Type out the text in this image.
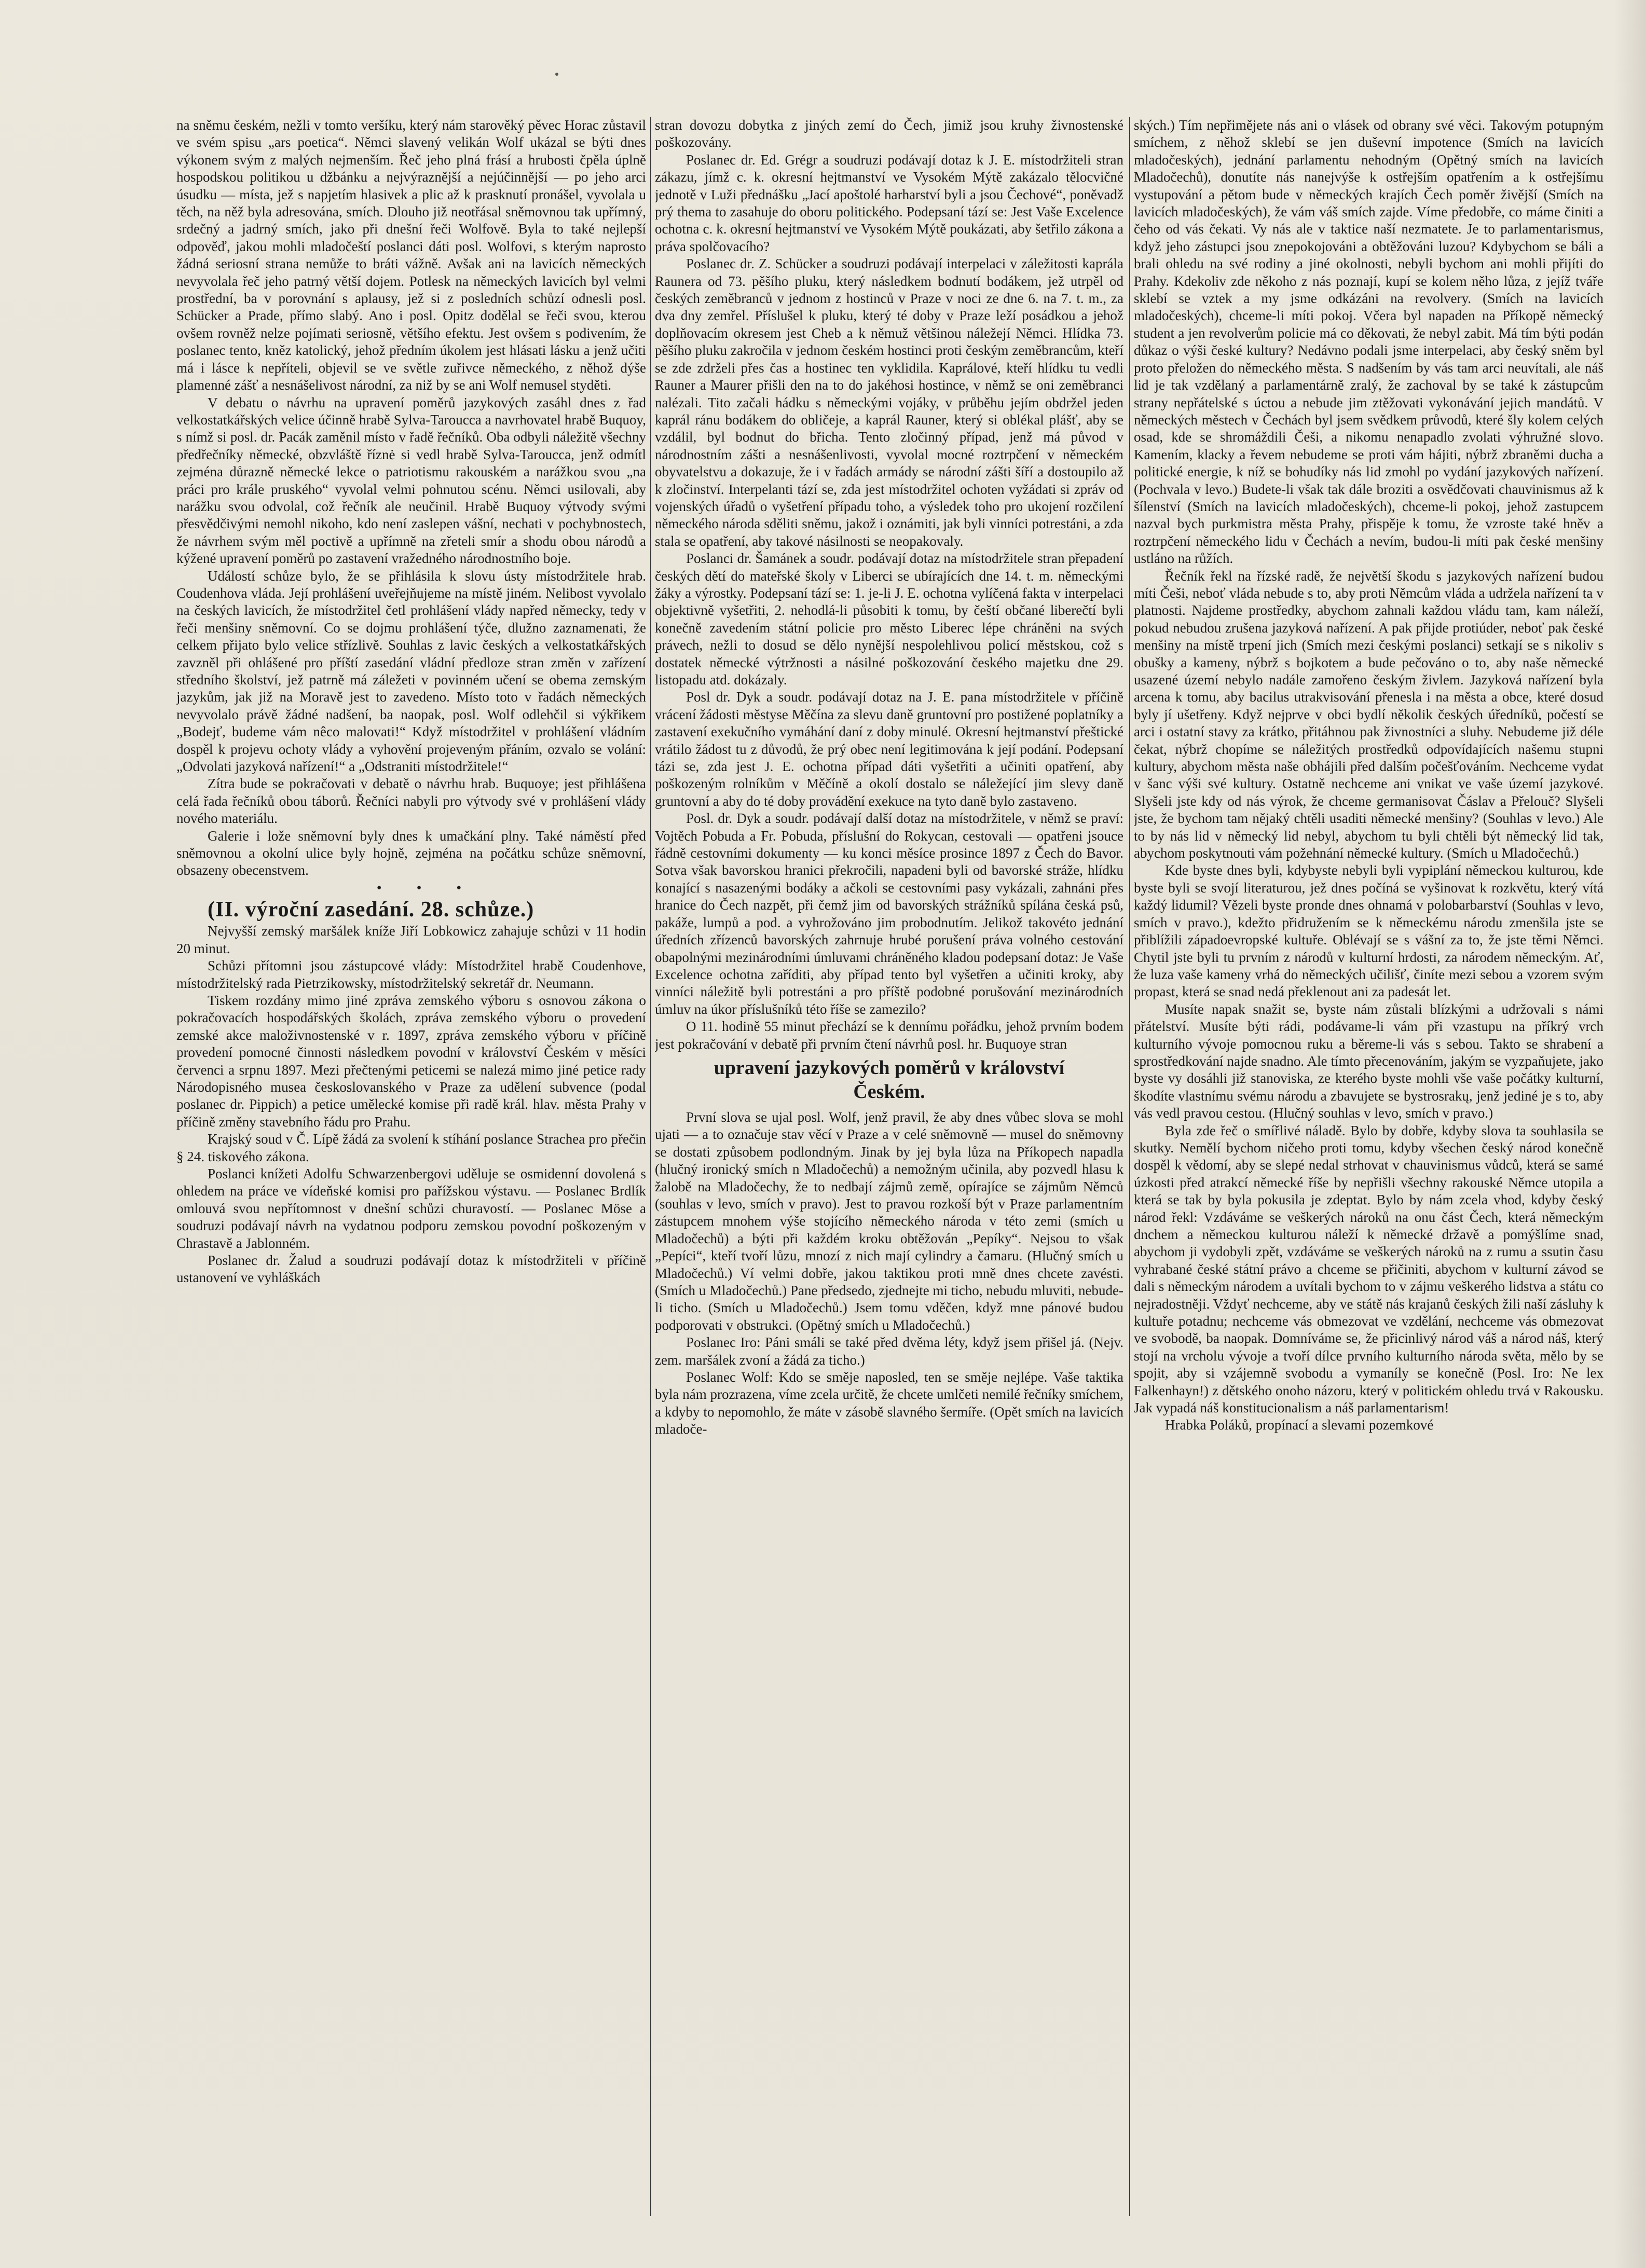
na sněmu českém, nežli v tomto veršíku, který nám starověký pěvec Horac zůstavil ve svém spisu „ars poetica“. Němci slavený velikán Wolf ukázal se býti dnes výkonem svým z malých nejmenším. Řeč jeho plná frásí a hrubosti čpěla úplně hospodskou politikou u džbánku a nejvýraznější a nejúčinnější — po jeho arci úsudku — místa, jež s napjetím hlasivek a plic až k prasknutí pronášel, vyvolala u těch, na něž byla adresována, smích. Dlouho již neotřásal sněmovnou tak upřímný, srdečný a jadrný smích, jako při dnešní řeči Wolfově. Byla to také nejlepší odpověď, jakou mohli mladočeští poslanci dáti posl. Wolfovi, s kterým naprosto žádná seriosní strana nemůže to bráti vážně. Avšak ani na lavicích německých nevyvolala řeč jeho patrný větší dojem. Potlesk na německých lavicích byl velmi prostřední, ba v porovnání s aplausy, jež si z posledních schůzí odnesli posl. Schücker a Prade, přímo slabý. Ano i posl. Opitz dodělal se řeči svou, kterou ovšem rovněž nelze pojímati seriosně, většího efektu. Jest ovšem s podivením, že poslanec tento, kněz katolický, jehož předním úkolem jest hlásati lásku a jenž učiti má i lásce k nepříteli, objevil se ve světle zuřivce německého, z něhož dýše plamenné zášť a nesnášelivost národní, za niž by se ani Wolf nemusel styděti.

V debatu o návrhu na upravení poměrů jazykových zasáhl dnes z řad velkostatkářských velice účinně hrabě Sylva-Taroucca a navrhovatel hrabě Buquoy, s nímž si posl. dr. Pacák zaměnil místo v řadě řečníků. Oba odbyli náležitě všechny předřečníky německé, obzvláště říznė si vedl hrabě Sylva-Taroucca, jenž odmítl zejména důrazně německé lekce o patriotismu rakouském a narážkou svou „na práci pro krále pruského“ vyvolal velmi pohnutou scénu. Němci usilovali, aby narážku svou odvolal, což řečník ale neučinil. Hrabě Buquoy výtvody svými přesvědčivými nemohl nikoho, kdo není zaslepen vášní, nechati v pochybnostech, že návrhem svým měl poctivě a upřímně na zřeteli smír a shodu obou národů a kýžené upravení poměrů po zastavení vražedného národnostního boje.

Událostí schůze bylo, že se přihlásila k slovu ústy místodržitele hrab. Coudenhova vláda. Její prohlášení uveřejňujeme na místě jiném. Nelibost vyvolalo na českých lavicích, že místodržitel četl prohlášení vlády napřed německy, tedy v řeči menšiny sněmovní. Co se dojmu prohlášení týče, dlužno zaznamenati, že celkem přijato bylo velice střízlivě. Souhlas z lavic českých a velkostatkářských zavzněl při ohlášené pro příští zasedání vládní předloze stran změn v zařízení středního školství, jež patrně má záležeti v povinném učení se obema zemským jazykům, jak již na Moravě jest to zavedeno. Místo toto v řadách německých nevyvolalo právě žádné nadšení, ba naopak, posl. Wolf odlehčil si výkřikem „Bodejť, budeme vám nêco malovati!“ Když místodržitel v prohlášení vládním dospěl k projevu ochoty vlády a vyhovění projeveným přáním, ozvalo se volání: „Odvolati jazyková nařízení!“ a „Odstraniti místodržitele!“

Zítra bude se pokračovati v debatě o návrhu hrab. Buquoye; jest přihlášena celá řada řečníků obou táborů. Řečníci nabyli pro výtvody své v prohlášení vlády nového materiálu.

Galerie i lože sněmovní byly dnes k umačkání plny. Také náměstí před sněmovnou a okolní ulice byly hojně, zejména na počátku schůze sněmovní, obsazeny obecenstvem.

• • •

(II. výroční zasedání. 28. schůze.)

Nejvyšší zemský maršálek kníže Jiří Lobkowicz zahajuje schůzi v 11 hodin 20 minut.

Schůzi přítomni jsou zástupcové vlády: Místodržitel hrabě Coudenhove, místodržitelský rada Pietrzikowsky, místodržitelský sekretář dr. Neumann.

Tiskem rozdány mimo jiné zpráva zemského výboru s osnovou zákona o pokračovacích hospodářských školách, zpráva zemského výboru o provedení zemské akce maloživnostenské v r. 1897, zpráva zemského výboru v příčině provedení pomocné činnosti následkem povodní v království Českém v měsíci červenci a srpnu 1897. Mezi přečtenými peticemi se nalezá mimo jiné petice rady Národopisného musea českoslovanského v Praze za udělení subvence (podal poslanec dr. Pippich) a petice umělecké komise při radě král. hlav. města Prahy v příčině změny stavebního řádu pro Prahu.

Krajský soud v Č. Lípě žádá za svolení k stíhání poslance Strachea pro přečin § 24. tiskového zákona.

Poslanci knížeti Adolfu Schwarzenbergovi uděluje se osmidenní dovolená s ohledem na práce ve vídeňské komisi pro pařížskou výstavu. — Poslanec Brdlík omlouvá svou nepřítomnost v dnešní schůzi churavostí. — Poslanec Möse a soudruzi podávají návrh na vydatnou podporu zemskou povodní poškozeným v Chrastavě a Jablonném.

Poslanec dr. Žalud a soudruzi podávají dotaz k místodržiteli v příčině ustanovení ve vyhláškách

stran dovozu dobytka z jiných zemí do Čech, jimiž jsou kruhy živnostenské poškozovány.

Poslanec dr. Ed. Grégr a soudruzi podávají dotaz k J. E. místodržiteli stran zákazu, jímž c. k. okresní hejtmanství ve Vysokém Mýtě zakázalo tělocvičné jednotě v Luži přednášku „Jací apoštolé harharství byli a jsou Čechové“, poněvadž prý thema to zasahuje do oboru politického. Podepsaní tází se: Jest Vaše Excelence ochotna c. k. okresní hejtmanství ve Vysokém Mýtě poukázati, aby šetřilo zákona a práva spolčovacího?

Poslanec dr. Z. Schücker a soudruzi podávají interpelaci v záležitosti kaprála Raunera od 73. pěšího pluku, který následkem bodnutí bodákem, jež utrpěl od českých zeměbranců v jednom z hostinců v Praze v noci ze dne 6. na 7. t. m., za dva dny zemřel. Příslušel k pluku, který té doby v Praze leží posádkou a jehož doplňovacím okresem jest Cheb a k němuž většinou náležejí Němci. Hlídka 73. pěšího pluku zakročila v jednom českém hostinci proti českým zeměbrancům, kteří se zde zdrželi přes čas a hostinec ten vyklidila. Kaprálové, kteří hlídku tu vedli Rauner a Maurer přišli den na to do jakéhosi hostince, v němž se oni zeměbranci nalézali. Tito začali hádku s německými vojáky, v průběhu jejím obdržel jeden kaprál ránu bodákem do obličeje, a kaprál Rauner, který si oblékal plášť, aby se vzdálil, byl bodnut do břicha. Tento zločinný případ, jenž má původ v národnostním zášti a nesnášenlivosti, vyvolal mocné roztrpčení v německém obyvatelstvu a dokazuje, že i v řadách armády se národní zášti šíří a dostoupilo až k zločinství. Interpelanti tází se, zda jest místodržitel ochoten vyžádati si zpráv od vojenských úřadů o vyšetření případu toho, a výsledek toho pro ukojení rozčilení německého národa sděliti sněmu, jakož i oznámiti, jak byli vinníci potrestáni, a zda stala se opatření, aby takové násilnosti se neopakovaly.

Poslanci dr. Šamánek a soudr. podávají dotaz na místodržitele stran přepadení českých dětí do mateřské školy v Liberci se ubírajících dne 14. t. m. německými žáky a výrostky. Podepsaní tází se: 1. je-li J. E. ochotna vylíčená fakta v interpelaci objektivně vyšetřiti, 2. nehodlá-li působiti k tomu, by čeští občané liberečtí byli konečně zavedením státní policie pro město Liberec lépe chráněni na svých právech, nežli to dosud se dělo nynější nespolehlivou policí městskou, což s dostatek německé výtržnosti a násilné poškozování českého majetku dne 29. listopadu atd. dokázaly.

Posl dr. Dyk a soudr. podávají dotaz na J. E. pana místodržitele v příčině vrácení žádosti městyse Měčína za slevu daně gruntovní pro postižené poplatníky a zastavení exekučního vymáhání daní z doby minulé. Okresní hejtmanství přeštické vrátilo žádost tu z důvodů, že prý obec není legitimována k její podání. Podepsaní tázi se, zda jest J. E. ochotna případ dáti vyšetřiti a učiniti opatření, aby poškozeným rolníkům v Měčíně a okolí dostalo se náležející jim slevy daně gruntovní a aby do té doby provádění exekuce na tyto daně bylo zastaveno.

Posl. dr. Dyk a soudr. podávají další dotaz na místodržitele, v němž se praví: Vojtěch Pobuda a Fr. Pobuda, příslušní do Rokycan, cestovali — opatřeni jsouce řádně cestovními dokumenty — ku konci měsíce prosince 1897 z Čech do Bavor. Sotva však bavorskou hranici překročili, napadeni byli od bavorské stráže, hlídku konající s nasazenými bodáky a ačkoli se cestovními pasy vykázali, zahnáni přes hranice do Čech nazpět, při čemž jim od bavorských strážníků spílána česká psů, pakáže, lumpů a pod. a vyhrožováno jim probodnutím. Jelikož takovéto jednání úředních zřízenců bavorských zahrnuje hrubé porušení práva volného cestování obapolnými mezinárodními úmluvami chráněného kladou podepsaní dotaz: Je Vaše Excelence ochotna zaříditi, aby případ tento byl vyšetřen a učiniti kroky, aby vinníci náležitě byli potrestáni a pro příště podobné porušování mezinárodních úmluv na úkor příslušníků této říše se zamezilo?

O 11. hodině 55 minut přechází se k dennímu pořádku, jehož prvním bodem jest pokračování v debatě při prvním čtení návrhů posl. hr. Buquoye stran

upravení jazykových poměrů v království
Českém.

První slova se ujal posl. Wolf, jenž pravil, že aby dnes vůbec slova se mohl ujati — a to označuje stav věcí v Praze a v celé sněmovně — musel do sněmovny se dostati způsobem podlondným. Jinak by jej byla lůza na Příkopech napadla (hlučný ironický smích n Mladočechů) a nemožným učinila, aby pozvedl hlasu k žalobě na Mladočechy, že to nedbají zájmů země, opírajíce se zájmům Němců (souhlas v levo, smích v pravo). Jest to pravou rozkoší být v Praze parlamentním zástupcem mnohem výše stojícího německého národa v této zemi (smích u Mladočechů) a býti při každém kroku obtěžován „Pepíky“. Nejsou to však „Pepíci“, kteří tvoří lůzu, mnozí z nich mají cylindry a čamaru. (Hlučný smích u Mladočechů.) Ví velmi dobře, jakou taktikou proti mně dnes chcete zavésti. (Smích u Mladočechů.) Pane předsedo, zjednejte mi ticho, nebudu mluviti, nebude-li ticho. (Smích u Mladočechů.) Jsem tomu vděčen, když mne pánové budou podporovati v obstrukci. (Opětný smích u Mladočechů.)

Poslanec Iro: Páni smáli se také před dvěma léty, když jsem přišel já. (Nejv. zem. maršálek zvoní a žádá za ticho.)

Poslanec Wolf: Kdo se směje naposled, ten se směje nejlépe. Vaše taktika byla nám prozrazena, víme zcela určitě, že chcete umlčeti nemilé řečníky smíchem, a kdyby to nepomohlo, že máte v zásobě slavného šermíře. (Opět smích na lavicích mladoče-

ských.) Tím nepřimějete nás ani o vlásek od obrany své věci. Takovým potupným smíchem, z něhož sklebí se jen duševní impotence (Smích na lavicích mladočeských), jednání parlamentu nehodným (Opětný smích na lavicích Mladočechů), donutíte nás nanejvýše k ostřejším opatřením a k ostřejšímu vystupování a pětom bude v německých krajích Čech poměr živější (Smích na lavicích mladočeských), že vám váš smích zajde. Víme předobře, co máme činiti a čeho od vás čekati. Vy nás ale v taktice naší nezmatete. Je to parlamentarismus, když jeho zástupci jsou znepokojováni a obtěžováni luzou? Kdybychom se báli a brali ohledu na své rodiny a jiné okolnosti, nebyli bychom ani mohli přijíti do Prahy. Kdekoliv zde někoho z nás poznají, kupí se kolem něho lůza, z jejíž tváře sklebí se vztek a my jsme odkázáni na revolvery. (Smích na lavicích mladočeských), chceme-li míti pokoj. Včera byl napaden na Příkopě německý student a jen revolverům policie má co děkovati, že nebyl zabit. Má tím býti podán důkaz o výši české kultury? Nedávno podali jsme interpelaci, aby český sněm byl proto přeložen do německého města. S nadšením by vás tam arci neuvítali, ale náš lid je tak vzdělaný a parlamentárně zralý, že zachoval by se také k zástupcům strany nepřátelské s úctou a nebude jim ztěžovati vykonávání jejich mandátů. V německých městech v Čechách byl jsem svědkem průvodů, které šly kolem celých osad, kde se shromáždili Češi, a nikomu nenapadlo zvolati výhružné slovo. Kamením, klacky a řevem nebudeme se proti vám hájiti, nýbrž zbraněmi ducha a politické energie, k níž se bohudíky nás lid zmohl po vydání jazykových nařízení. (Pochvala v levo.) Budete-li však tak dále broziti a osvědčovati chauvinismus až k šílenství (Smích na lavicích mladočeských), chceme-li pokoj, jehož zastupcem nazval bych purkmistra města Prahy, přispěje k tomu, že vzroste také hněv a roztrpčení německého lidu v Čechách a nevím, budou-li míti pak české menšiny ustláno na růžích.

Řečník řekl na řízské radě, že největší škodu s jazykových nařízení budou míti Češi, neboť vláda nebude s to, aby proti Němcům vláda a udržela nařízení ta v platnosti. Najdeme prostředky, abychom zahnali každou vládu tam, kam náleží, pokud nebudou zrušena jazyková nařízení. A pak přijde protiúder, neboť pak české menšiny na místě trpení jich (Smích mezi českými poslanci) setkají se s nikoliv s obušky a kameny, nýbrž s bojkotem a bude pečováno o to, aby naše německé usazené území nebylo nadále zamořeno českým živlem. Jazyková nařízení byla arcena k tomu, aby bacilus utrakvisování přenesla i na města a obce, které dosud byly jí ušetřeny. Když nejprve v obci bydlí několik českých úředníků, počestí se arci i ostatní stavy za krátko, přitáhnou pak živnostníci a sluhy. Nebudeme již déle čekat, nýbrž chopíme se náležitých prostředků odpovídajících našemu stupni kultury, abychom města naše obhájili před dalším počešťováním. Nechceme vydat v šanc výši své kultury. Ostatně nechceme ani vnikat ve vaše území jazykové. Slyšeli jste kdy od nás výrok, že chceme germanisovat Čáslav a Přelouč? Slyšeli jste, že bychom tam nějaký chtěli usaditi německé menšiny? (Souhlas v levo.) Ale to by nás lid v německý lid nebyl, abychom tu byli chtěli být německý lid tak, abychom poskytnouti vám požehnání německé kultury. (Smích u Mladočechů.)

Kde byste dnes byli, kdybyste nebyli byli vypiplání německou kulturou, kde byste byli se svojí literaturou, jež dnes počíná se vyšinovat k rozkvětu, který vítá každý lidumil? Vězeli byste pronde dnes ohnamá v polobarbarství (Souhlas v levo, smích v pravo.), kdežto přidružením se k německému národu zmenšila jste se přiblížili západoevropské kultuře. Oblévají se s vášní za to, že jste těmi Němci. Chytil jste byli tu prvním z národů v kulturní hrdosti, za národem německým. Ať, že luza vaše kameny vrhá do německých učilišť, činíte mezi sebou a vzorem svým propast, která se snad nedá překlenout ani za padesát let.

Musíte napak snažit se, byste nám zůstali blízkými a udržovali s námi přátelství. Musíte býti rádi, podávame-li vám při vzastupu na příkrý vrch kulturního vývoje pomocnou ruku a běreme-li vás s sebou. Takto se shrabení a sprostředkování najde snadno. Ale tímto přecenováním, jakým se vyzpaňujete, jako byste vy dosáhli již stanoviska, ze kterého byste mohli vše vaše počátky kulturní, škodíte vlastnímu svému národu a zbavujete se bystrosrakų, jenž jediné je s to, aby vás vedl pravou cestou. (Hlučný souhlas v levo, smích v pravo.)

Byla zde řeč o smířlivé náladě. Bylo by dobře, kdyby slova ta souhlasila se skutky. Nemělí bychom ničeho proti tomu, kdyby všechen český národ konečně dospěl k vědomí, aby se slepé nedal strhovat v chauvinismus vůdců, která se samé úzkosti před atrakcí německé říše by nepřišli všechny rakouské Němce utopila a která se tak by byla pokusila je zdeptat. Bylo by nám zcela vhod, kdyby český národ řekl: Vzdáváme se veškerých nároků na onu část Čech, která německým dnchem a německou kulturou náleží k německé državě a pomýšlíme snad, abychom ji vydobyli zpět, vzdáváme se veškerých nároků na z rumu a ssutin času vyhrabané české státní právo a chceme se přičiniti, abychom v kulturní závod se dali s německým národem a uvítali bychom to v zájmu veškerého lidstva a státu co nejradostněji. Vždyť nechceme, aby ve státě nás krajanů českých žili naší zásluhy k kultuře potadnu; nechceme vás obmezovat ve vzdělání, nechceme vás obmezovat ve svobodě, ba naopak. Domníváme se, že přicinlivý národ váš a národ náš, který stojí na vrcholu vývoje a tvoří dílce prvního kulturního národa světa, mělo by se spojit, aby si vzájemně svobodu a vymaníly se konečně (Posl. Iro: Ne lex Falkenhayn!) z dětského onoho názoru, který v politickém ohledu trvá v Rakousku. Jak vypadá náš konstitucionalism a náš parlamentarism!

Hrabka Poláků, propínací a slevami pozemkové
